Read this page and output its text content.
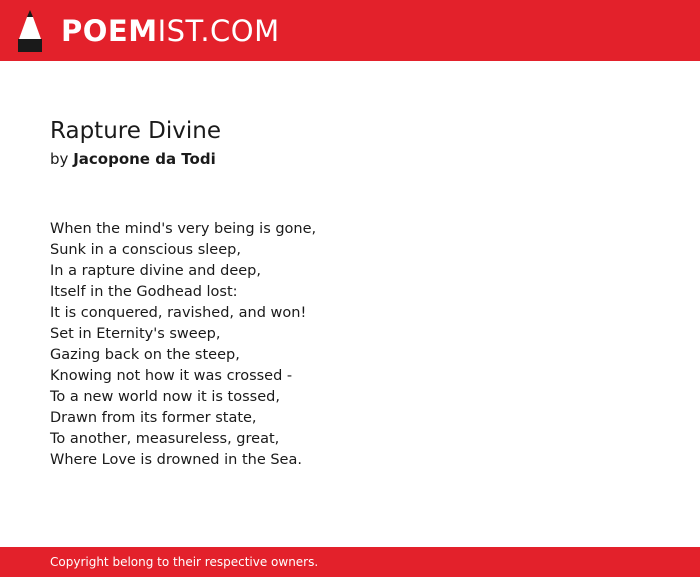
POEMIST.COM
Rapture Divine
by Jacopone da Todi
When the mind's very being is gone,
Sunk in a conscious sleep,
In a rapture divine and deep,
Itself in the Godhead lost:
It is conquered, ravished, and won!
Set in Eternity's sweep,
Gazing back on the steep,
Knowing not how it was crossed -
To a new world now it is tossed,
Drawn from its former state,
To another, measureless, great,
Where Love is drowned in the Sea.
Copyright belong to their respective owners.
